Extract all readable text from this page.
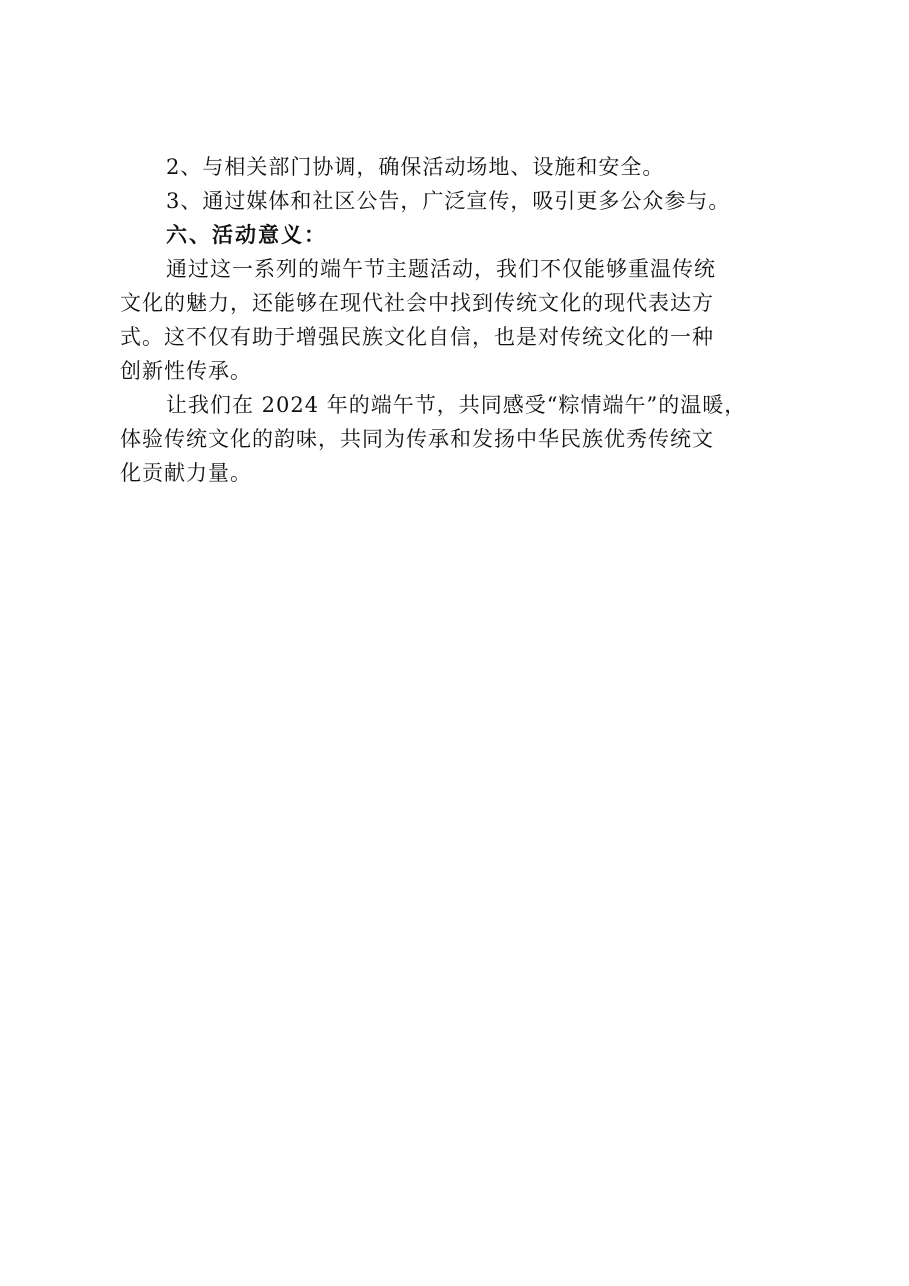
2、与相关部门协调，确保活动场地、设施和安全。
3、通过媒体和社区公告，广泛宣传，吸引更多公众参与。
六、活动意义：
通过这一系列的端午节主题活动，我们不仅能够重温传统
文化的魅力，还能够在现代社会中找到传统文化的现代表达方
式。这不仅有助于增强民族文化自信，也是对传统文化的一种
创新性传承。
让我们在 2024 年的端午节，共同感受“粽情端午”的温暖，
体验传统文化的韵味，共同为传承和发扬中华民族优秀传统文
化贡献力量。
